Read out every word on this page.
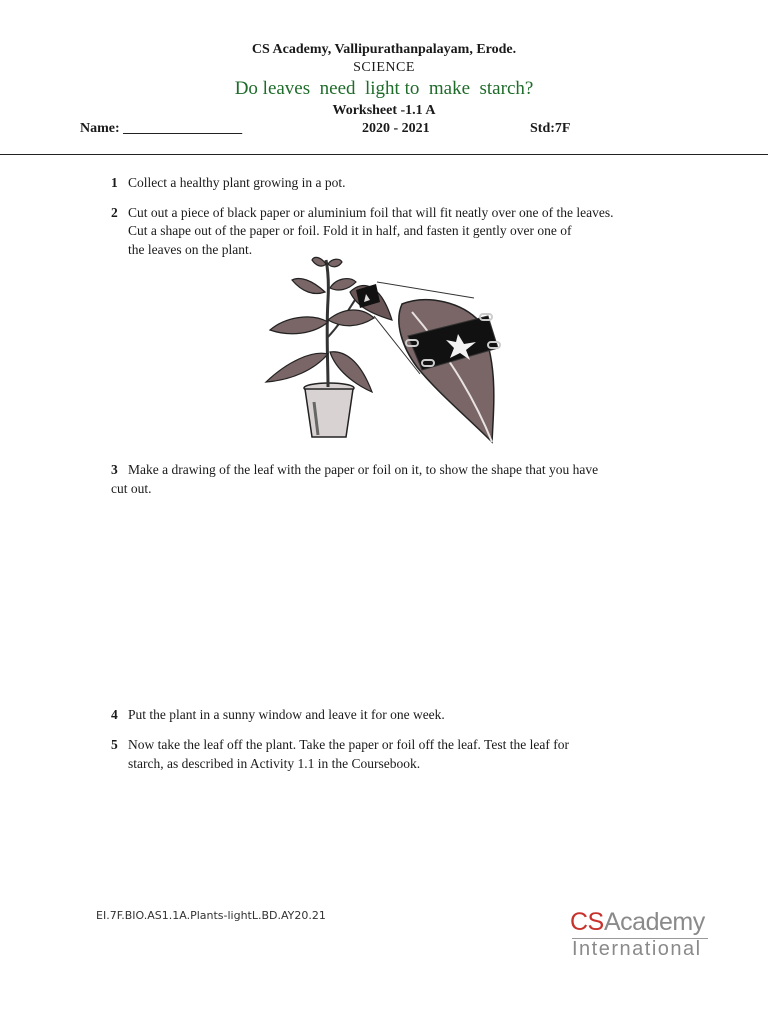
CS Academy, Vallipurathanpalayam, Erode.
SCIENCE
Do leaves  need  light to  make  starch?
Worksheet -1.1 A
Name: _________________	2020 - 2021	Std:7F
1 Collect a healthy plant growing in a pot.
2 Cut out a piece of black paper or aluminium foil that will fit neatly over one of the leaves.
Cut a shape out of the paper or foil. Fold it in half, and fasten it gently over one of
the leaves on the plant.
3 Make a drawing of the leaf with the paper or foil on it, to show the shape that you have
cut out.
4 Put the plant in a sunny window and leave it for one week.
5 Now take the leaf off the plant. Take the paper or foil off the leaf. Test the leaf for
starch, as described in Activity 1.1 in the Coursebook.
EI.7F.BIO.AS1.1A.Plants-lightL.BD.AY20.21	CS Academy
International
